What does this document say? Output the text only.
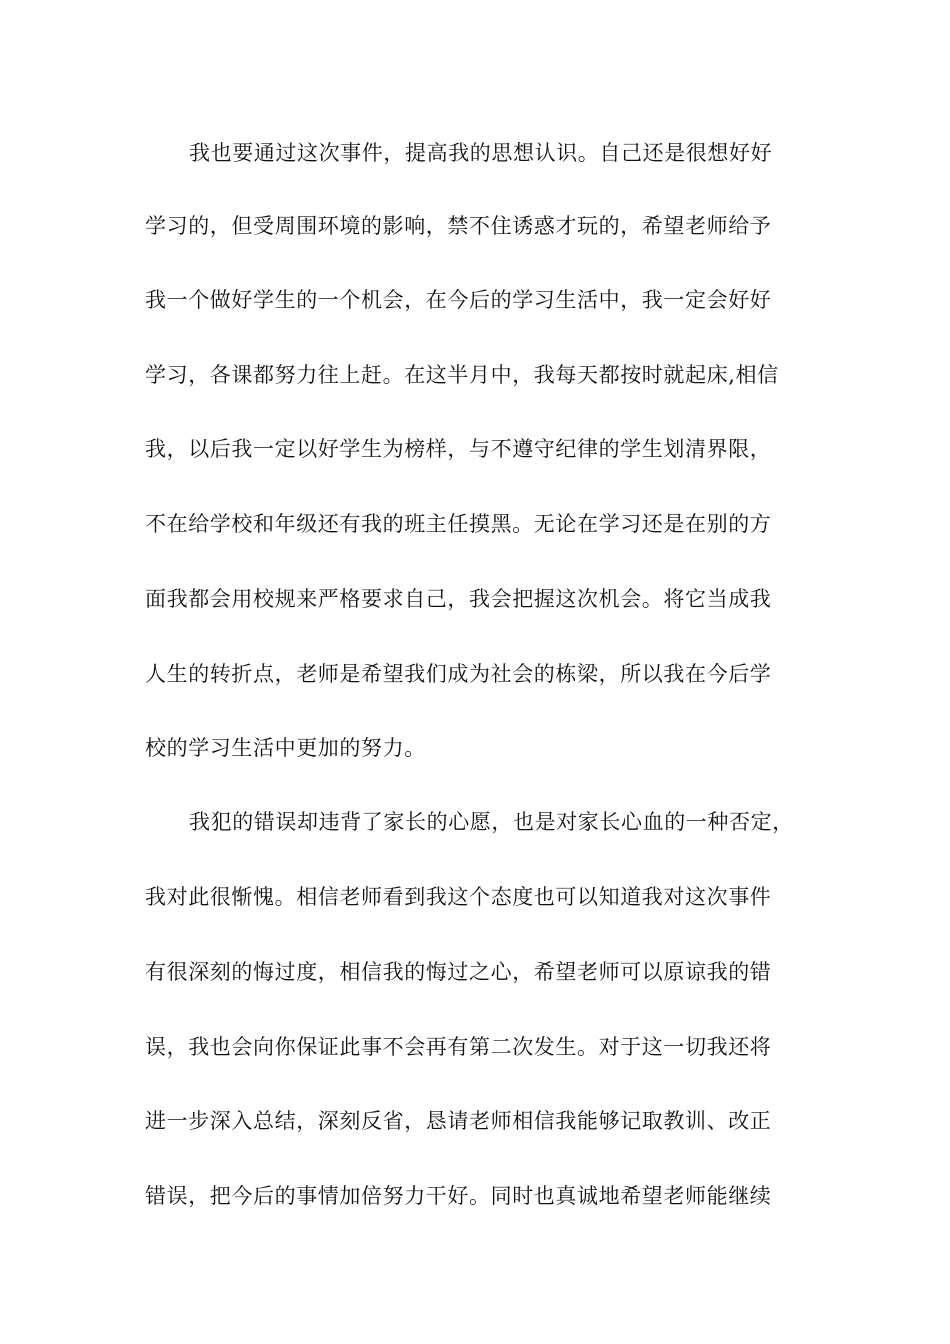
我也要通过这次事件，提高我的思想认识。自己还是很想好好
学习的，但受周围环境的影响，禁不住诱惑才玩的，希望老师给予
我一个做好学生的一个机会，在今后的学习生活中，我一定会好好
学习，各课都努力往上赶。在这半月中，我每天都按时就起床,相信
我，以后我一定以好学生为榜样，与不遵守纪律的学生划清界限，
不在给学校和年级还有我的班主任摸黑。无论在学习还是在别的方
面我都会用校规来严格要求自己，我会把握这次机会。将它当成我
人生的转折点，老师是希望我们成为社会的栋梁，所以我在今后学
校的学习生活中更加的努力。
我犯的错误却违背了家长的心愿，也是对家长心血的一种否定，
我对此很惭愧。相信老师看到我这个态度也可以知道我对这次事件
有很深刻的悔过度，相信我的悔过之心，希望老师可以原谅我的错
误，我也会向你保证此事不会再有第二次发生。对于这一切我还将
进一步深入总结，深刻反省，恳请老师相信我能够记取教训、改正
错误，把今后的事情加倍努力干好。同时也真诚地希望老师能继续
